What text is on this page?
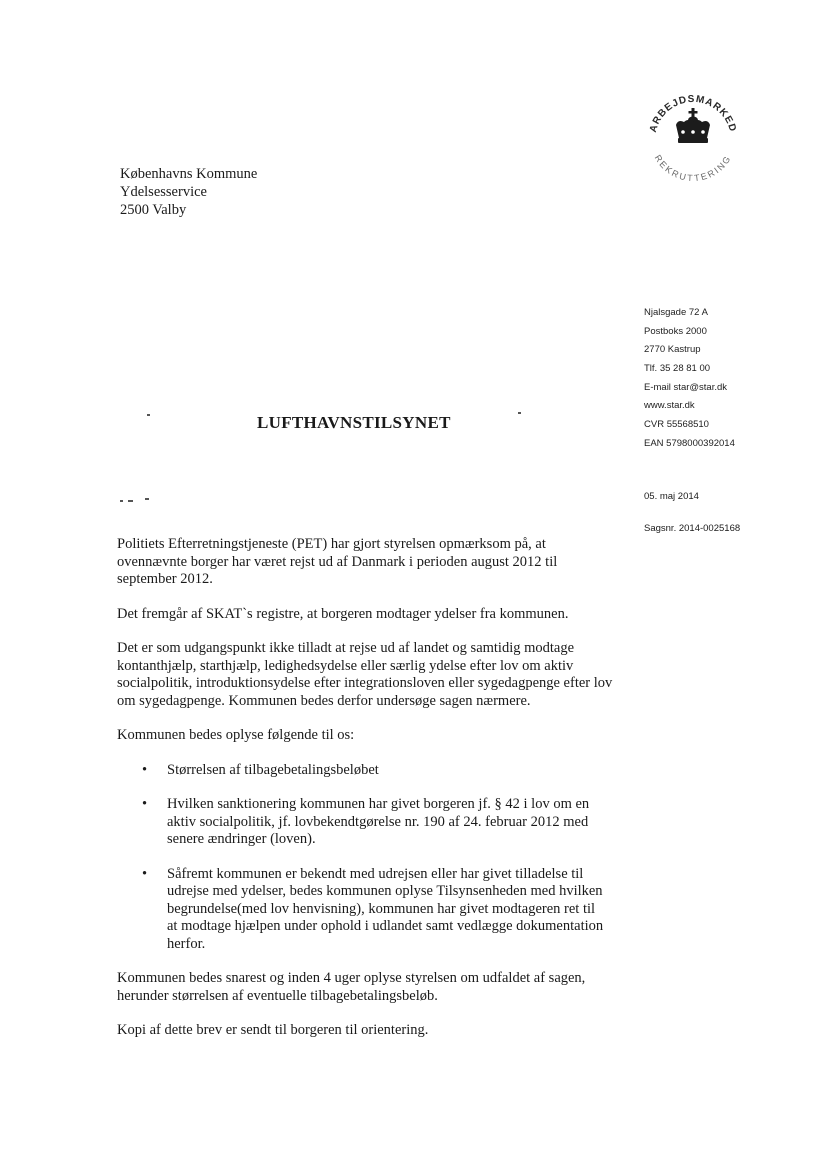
ARBEJDSMARKED
REKRUTTERING
Københavns Kommune
Ydelsesservice
2500 Valby
Njalsgade 72 A
Postboks 2000
2770 Kastrup
Tlf. 35 28 81 00
E-mail star@star.dk
www.star.dk
CVR 55568510
EAN 5798000392014
05. maj 2014
Sagsnr. 2014-0025168
LUFTHAVNSTILSYNET

Politiets Efterretningstjeneste (PET) har gjort styrelsen opmærksom på, at ovennævnte borger har været rejst ud af Danmark i perioden august 2012 til september 2012.

Det fremgår af SKAT`s registre, at borgeren modtager ydelser fra kommunen.

Det er som udgangspunkt ikke tilladt at rejse ud af landet og samtidig modtage kontanthjælp, starthjælp, ledighedsydelse eller særlig ydelse efter lov om aktiv socialpolitik, introduktionsydelse efter integrationsloven eller sygedagpenge efter lov om sygedagpenge. Kommunen bedes derfor undersøge sagen nærmere.

Kommunen bedes oplyse følgende til os:

• Størrelsen af tilbagebetalingsbeløbet
• Hvilken sanktionering kommunen har givet borgeren jf. § 42 i lov om en aktiv socialpolitik, jf. lovbekendtgørelse nr. 190 af 24. februar 2012 med senere ændringer (loven).
• Såfremt kommunen er bekendt med udrejsen eller har givet tilladelse til udrejse med ydelser, bedes kommunen oplyse Tilsynsenheden med hvilken begrundelse(med lov henvisning), kommunen har givet modtageren ret til at modtage hjælpen under ophold i udlandet samt vedlægge dokumentation herfor.

Kommunen bedes snarest og inden 4 uger oplyse styrelsen om udfaldet af sagen, herunder størrelsen af eventuelle tilbagebetalingsbeløb.

Kopi af dette brev er sendt til borgeren til orientering.
